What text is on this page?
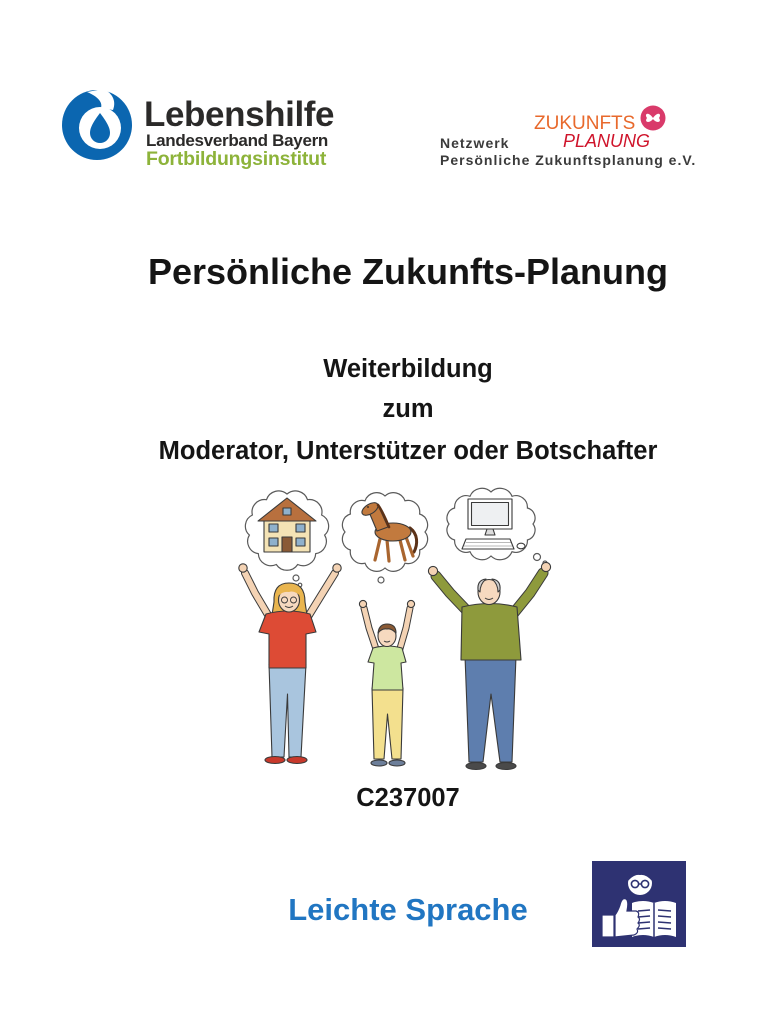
Lebenshilfe
Landesverband Bayern
Fortbildungsinstitut
ZUKUNFTS
PLANUNG
Netzwerk
Persönliche Zukunftsplanung e.V.
Persönliche Zukunfts-Planung
Weiterbildung
zum
Moderator, Unterstützer oder Botschafter
C237007
Leichte Sprache
